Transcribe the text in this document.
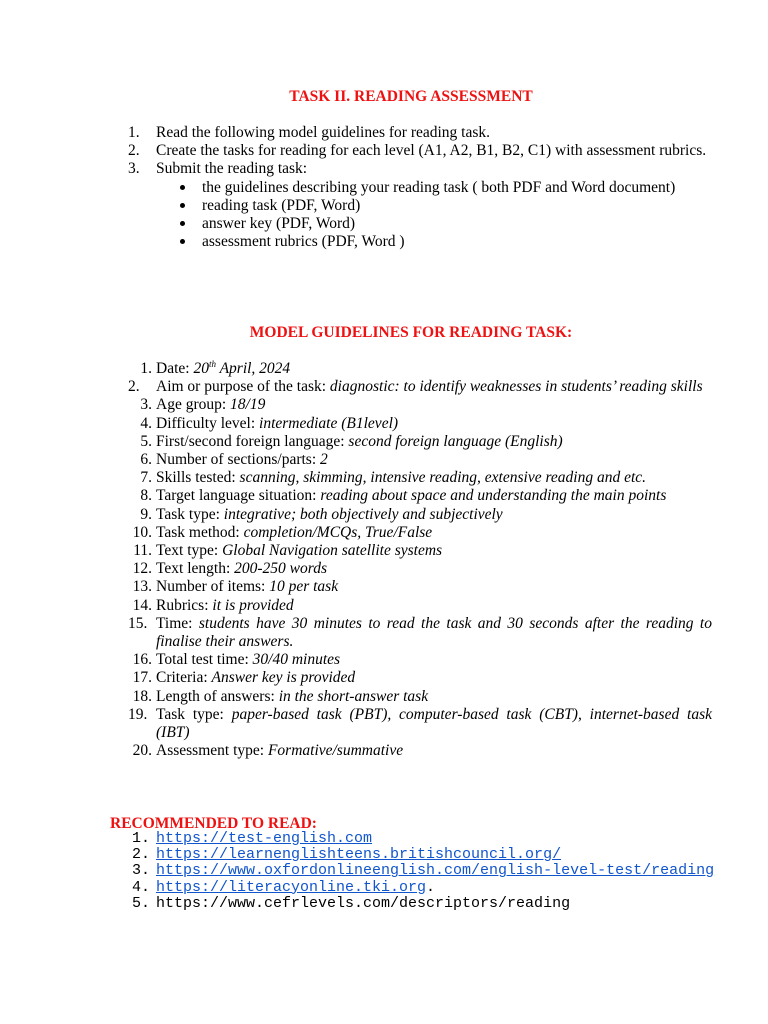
TASK II. READING ASSESSMENT
1. Read the following model guidelines for reading task.
2. Create the tasks for reading for each level (A1, A2, B1, B2, C1) with assessment rubrics.
3. Submit the reading task:
the guidelines describing your reading task ( both PDF and Word document)
reading task (PDF, Word)
answer key (PDF, Word)
assessment rubrics (PDF, Word )
MODEL GUIDELINES FOR READING TASK:
1. Date: 20th April, 2024
2.	Aim or purpose of the task: diagnostic: to identify weaknesses in students’ reading skills
3. Age group: 18/19
4. Difficulty level: intermediate (B1level)
5. First/second foreign language: second foreign language (English)
6. Number of sections/parts: 2
7. Skills tested: scanning, skimming, intensive reading, extensive reading and etc.
8. Target language situation: reading about space and understanding the main points
9. Task type: integrative; both objectively and subjectively
10. Task method: completion/MCQs, True/False
11. Text type: Global Navigation satellite systems
12. Text length: 200-250 words
13. Number of items: 10 per task
14. Rubrics: it is provided
15. Time: students have 30 minutes to read the task and 30 seconds after the reading to finalise their answers.
16. Total test time: 30/40 minutes
17. Criteria: Answer key is provided
18. Length of answers: in the short-answer task
19. Task type: paper-based task (PBT), computer-based task (CBT), internet-based task (IBT)
20. Assessment type: Formative/summative
RECOMMENDED TO READ:
1. https://test-english.com
2. https://learnenglishteens.britishcouncil.org/
3. https://www.oxfordonlineenglish.com/english-level-test/reading
4. https://literacyonline.tki.org.
5. https://www.cefrlevels.com/descriptors/reading
